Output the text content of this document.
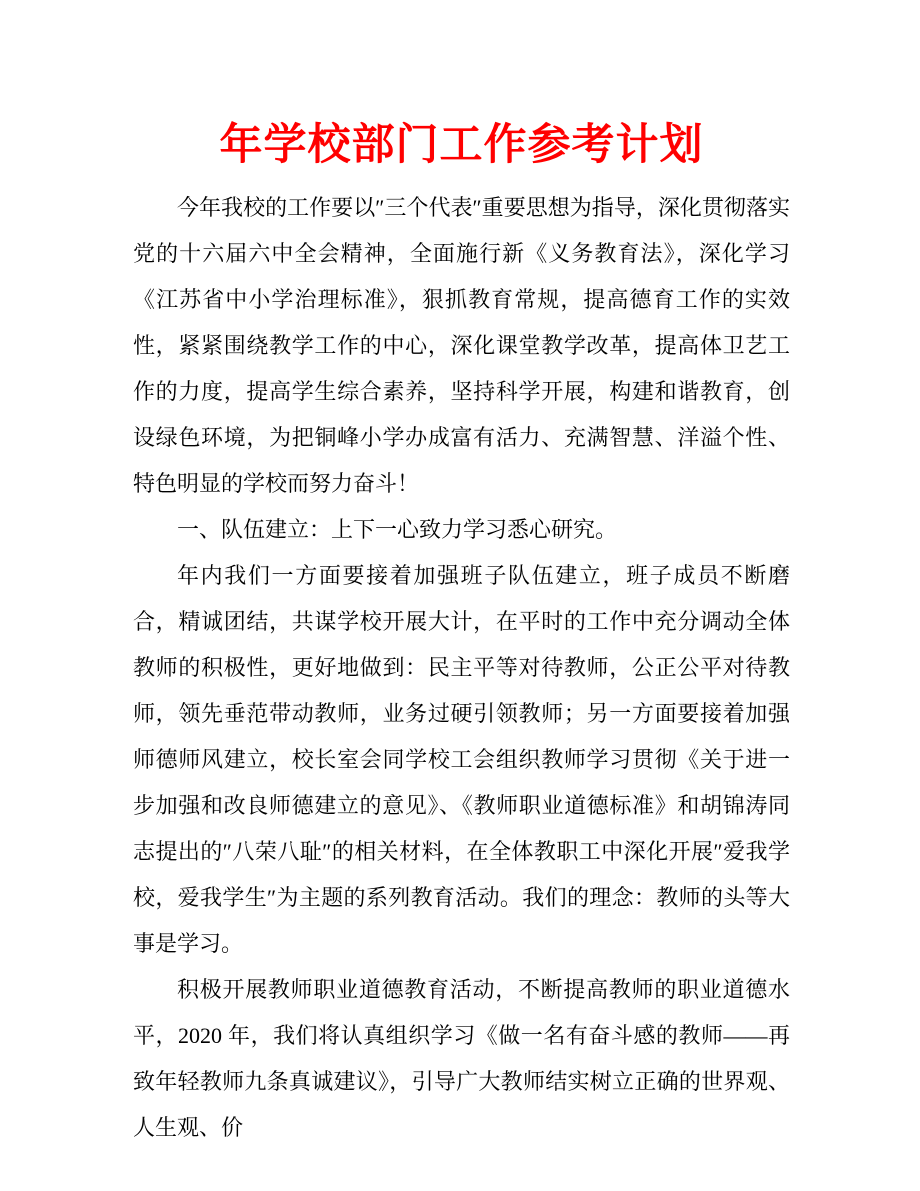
年学校部门工作参考计划

今年我校的工作要以″三个代表″重要思想为指导，深化贯彻落实党的十六届六中全会精神，全面施行新《义务教育法》，深化学习《江苏省中小学治理标准》，狠抓教育常规，提高德育工作的实效性，紧紧围绕教学工作的中心，深化课堂教学改革，提高体卫艺工作的力度，提高学生综合素养，坚持科学开展，构建和谐教育，创设绿色环境，为把铜峰小学办成富有活力、充满智慧、洋溢个性、特色明显的学校而努力奋斗！

一、队伍建立：上下一心致力学习悉心研究。

年内我们一方面要接着加强班子队伍建立，班子成员不断磨合，精诚团结，共谋学校开展大计，在平时的工作中充分调动全体教师的积极性，更好地做到：民主平等对待教师，公正公平对待教师，领先垂范带动教师，业务过硬引领教师；另一方面要接着加强师德师风建立，校长室会同学校工会组织教师学习贯彻《关于进一步加强和改良师德建立的意见》、《教师职业道德标准》和胡锦涛同志提出的″八荣八耻″的相关材料，在全体教职工中深化开展″爱我学校，爱我学生″为主题的系列教育活动。我们的理念：教师的头等大事是学习。

积极开展教师职业道德教育活动，不断提高教师的职业道德水平，2020 年，我们将认真组织学习《做一名有奋斗感的教师——再致年轻教师九条真诚建议》，引导广大教师结实树立正确的世界观、人生观、价
